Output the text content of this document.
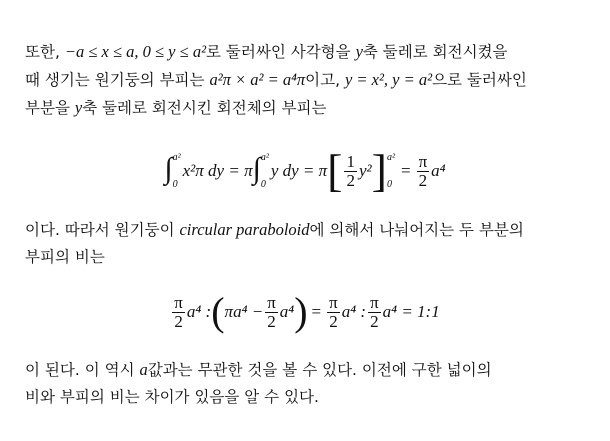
또한, −a ≤ x ≤ a, 0 ≤ y ≤ a²로 둘러싸인 사각형을 y축 둘레로 회전시켰을
때 생기는 원기둥의 부피는 a²π × a² = a⁴π이고, y = x², y = a²으로 둘러싸인
부분을 y축 둘레로 회전시킨 회전체의 부피는
∫ a²
0
x²π dy = π ∫ a²
0
y dy = π [ $\frac{1}{2} y^2$ ] a²
0
= $\frac{\pi}{2} a^4$
이다. 따라서 원기둥이 circular paraboloid에 의해서 나눠어지는 두 부분의
부피의 비는
$\frac{\pi}{2} a^4$ : ( $\pi a^4 - \frac{\pi}{2} a^4$ ) = $\frac{\pi}{2} a^4$ : $\frac{\pi}{2} a^4$ = 1:1
이 된다. 이 역시 a값과는 무관한 것을 볼 수 있다. 이전에 구한 넓이의
비와 부피의 비는 차이가 있음을 알 수 있다.
